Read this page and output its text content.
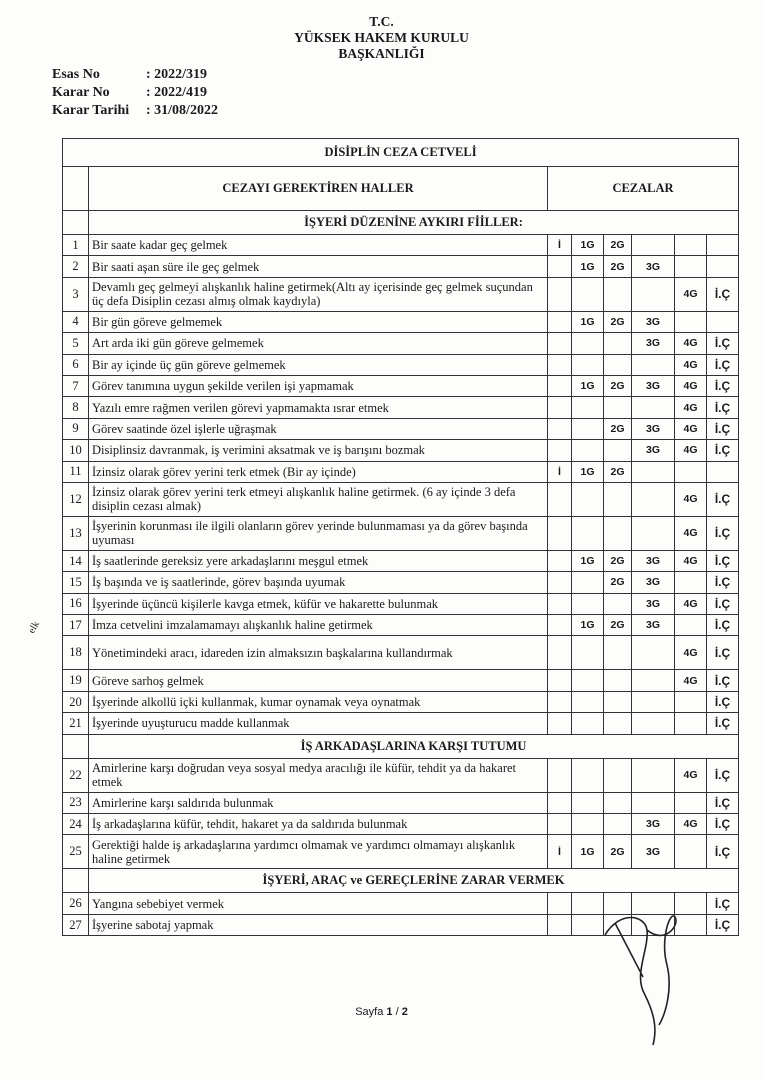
T.C.
YÜKSEK HAKEM KURULU
BAŞKANLIĞI
Esas No	: 2022/319
Karar No	: 2022/419
Karar Tarihi	: 31/08/2022
elk
DİSİPLİN CEZA CETVELİ							
	CEZAYI GEREKTİREN HALLER	CEZALAR					
	İŞYERİ DÜZENİNE AYKIRI FİİLLER:						
1	Bir saate kadar geç gelmek	İ	1G	2G			
2	Bir saati aşan süre ile geç gelmek		1G	2G	3G		
3	Devamlı geç gelmeyi alışkanlık haline getirmek(Altı ay içerisinde geç gelmek suçundan üç defa Disiplin cezası almış olmak kaydıyla)					4G	İ.Ç
4	Bir gün göreve gelmemek		1G	2G	3G		
5	Art arda iki gün göreve gelmemek				3G	4G	İ.Ç
6	Bir ay içinde üç gün göreve gelmemek					4G	İ.Ç
7	Görev tanımına uygun şekilde verilen işi yapmamak		1G	2G	3G	4G	İ.Ç
8	Yazılı emre rağmen verilen görevi yapmamakta ısrar etmek					4G	İ.Ç
9	Görev saatinde özel işlerle uğraşmak			2G	3G	4G	İ.Ç
10	Disiplinsiz davranmak, iş verimini aksatmak ve iş barışını bozmak				3G	4G	İ.Ç
11	İzinsiz olarak görev yerini terk etmek (Bir ay içinde)	İ	1G	2G			
12	İzinsiz olarak görev yerini terk etmeyi alışkanlık haline getirmek. (6 ay içinde 3 defa disiplin cezası almak)					4G	İ.Ç
13	İşyerinin korunması ile ilgili olanların görev yerinde bulunmaması ya da görev başında uyuması					4G	İ.Ç
14	İş saatlerinde gereksiz yere arkadaşlarını meşgul etmek		1G	2G	3G	4G	İ.Ç
15	İş başında ve iş saatlerinde, görev başında uyumak			2G	3G		İ.Ç
16	İşyerinde üçüncü kişilerle kavga etmek, küfür ve hakarette bulunmak				3G	4G	İ.Ç
17	İmza cetvelini imzalamamayı alışkanlık haline getirmek		1G	2G	3G		İ.Ç
18	Yönetimindeki aracı, idareden izin almaksızın başkalarına kullandırmak					4G	İ.Ç
19	Göreve sarhoş gelmek					4G	İ.Ç
20	İşyerinde alkollü içki kullanmak, kumar oynamak veya oynatmak						İ.Ç
21	İşyerinde uyuşturucu madde kullanmak						İ.Ç
	İŞ ARKADAŞLARINA KARŞI TUTUMU						
22	Amirlerine karşı doğrudan veya sosyal medya aracılığı ile küfür, tehdit ya da hakaret etmek					4G	İ.Ç
23	Amirlerine karşı saldırıda bulunmak						İ.Ç
24	İş arkadaşlarına küfür, tehdit, hakaret ya da saldırıda bulunmak				3G	4G	İ.Ç
25	Gerektiği halde iş arkadaşlarına yardımcı olmamak ve yardımcı olmamayı alışkanlık haline getirmek	İ	1G	2G	3G		İ.Ç
	İŞYERİ, ARAÇ ve GEREÇLERİNE ZARAR VERMEK						
26	Yangına sebebiyet vermek						İ.Ç
27	İşyerine sabotaj yapmak						İ.Ç
Sayfa 1 / 2
